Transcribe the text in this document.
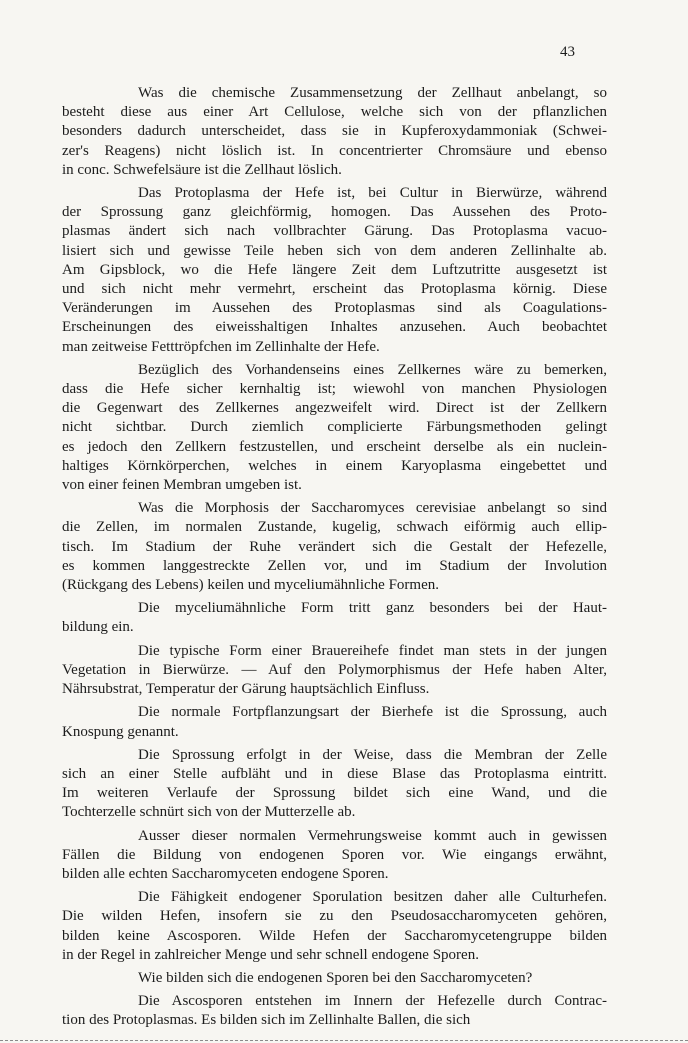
43

Was die chemische Zusammensetzung der Zellhaut anbelangt, so
besteht diese aus einer Art Cellulose, welche sich von der pflanzlichen
besonders dadurch unterscheidet, dass sie in Kupferoxydammoniak (Schwei-
zer's Reagens) nicht löslich ist. In concentrierter Chromsäure und ebenso
in conc. Schwefelsäure ist die Zellhaut löslich.

Das Protoplasma der Hefe ist, bei Cultur in Bierwürze, während
der Sprossung ganz gleichförmig, homogen. Das Aussehen des Proto-
plasmas ändert sich nach vollbrachter Gärung. Das Protoplasma vacuo-
lisiert sich und gewisse Teile heben sich von dem anderen Zellinhalte ab.
Am Gipsblock, wo die Hefe längere Zeit dem Luftzutritte ausgesetzt ist
und sich nicht mehr vermehrt, erscheint das Protoplasma körnig. Diese
Veränderungen im Aussehen des Protoplasmas sind als Coagulations-
Erscheinungen des eiweisshaltigen Inhaltes anzusehen. Auch beobachtet
man zeitweise Fetttröpfchen im Zellinhalte der Hefe.

Bezüglich des Vorhandenseins eines Zellkernes wäre zu bemerken,
dass die Hefe sicher kernhaltig ist; wiewohl von manchen Physiologen
die Gegenwart des Zellkernes angezweifelt wird. Direct ist der Zellkern
nicht sichtbar. Durch ziemlich complicierte Färbungsmethoden gelingt
es jedoch den Zellkern festzustellen, und erscheint derselbe als ein nuclein-
haltiges Körnkörperchen, welches in einem Karyoplasma eingebettet und
von einer feinen Membran umgeben ist.

Was die Morphosis der Saccharomyces cerevisiae anbelangt so sind
die Zellen, im normalen Zustande, kugelig, schwach eiförmig auch ellip-
tisch. Im Stadium der Ruhe verändert sich die Gestalt der Hefezelle,
es kommen langgestreckte Zellen vor, und im Stadium der Involution
(Rückgang des Lebens) keilen und myceliumähnliche Formen.

Die myceliumähnliche Form tritt ganz besonders bei der Haut-
bildung ein.

Die typische Form einer Brauereihefe findet man stets in der jungen
Vegetation in Bierwürze. — Auf den Polymorphismus der Hefe haben Alter,
Nährsubstrat, Temperatur der Gärung hauptsächlich Einfluss.

Die normale Fortpflanzungsart der Bierhefe ist die Sprossung, auch
Knospung genannt.

Die Sprossung erfolgt in der Weise, dass die Membran der Zelle
sich an einer Stelle aufbläht und in diese Blase das Protoplasma eintritt.
Im weiteren Verlaufe der Sprossung bildet sich eine Wand, und die
Tochterzelle schnürt sich von der Mutterzelle ab.

Ausser dieser normalen Vermehrungsweise kommt auch in gewissen
Fällen die Bildung von endogenen Sporen vor. Wie eingangs erwähnt,
bilden alle echten Saccharomyceten endogene Sporen.

Die Fähigkeit endogener Sporulation besitzen daher alle Culturhefen.
Die wilden Hefen, insofern sie zu den Pseudosaccharomyceten gehören,
bilden keine Ascosporen. Wilde Hefen der Saccharomycetengruppe bilden
in der Regel in zahlreicher Menge und sehr schnell endogene Sporen.

Wie bilden sich die endogenen Sporen bei den Saccharomyceten?

Die Ascosporen entstehen im Innern der Hefezelle durch Contrac-
tion des Protoplasmas. Es bilden sich im Zellinhalte Ballen, die sich
